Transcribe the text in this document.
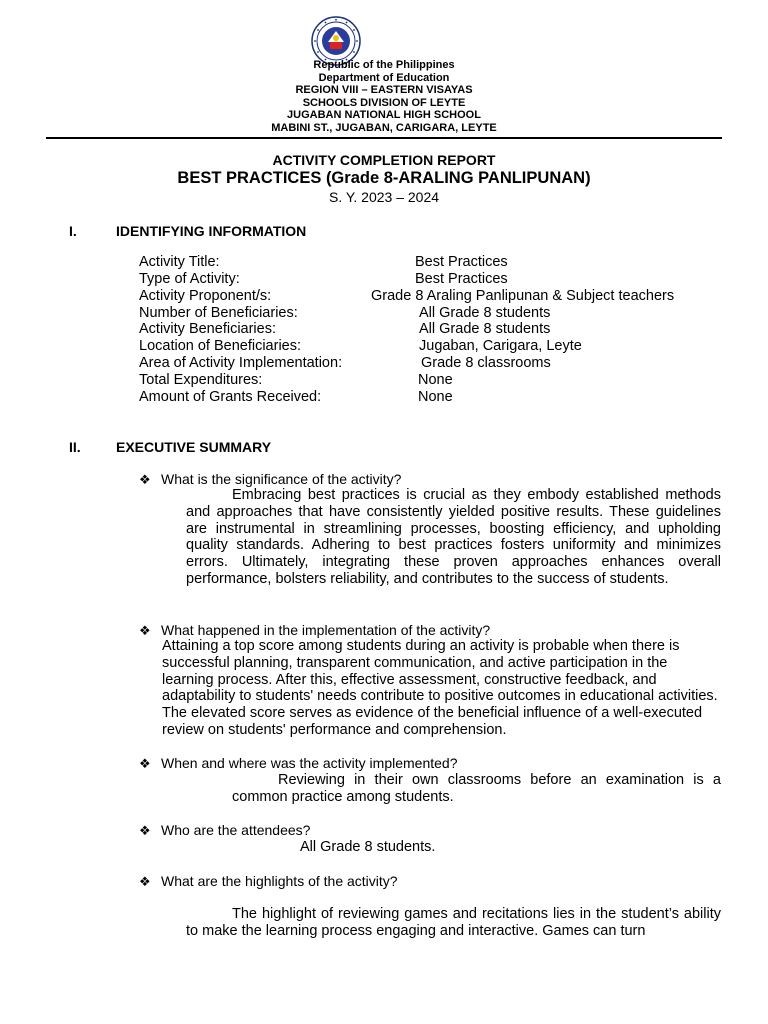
Republic of the Philippines
Department of Education
REGION VIII – EASTERN VISAYAS
SCHOOLS DIVISION OF LEYTE
JUGABAN NATIONAL HIGH SCHOOL
MABINI ST., JUGABAN, CARIGARA, LEYTE
ACTIVITY COMPLETION REPORT
BEST PRACTICES (Grade 8-ARALING PANLIPUNAN)
S. Y. 2023 – 2024
I.	IDENTIFYING INFORMATION
Activity Title:	Best Practices
Type of Activity:	Best Practices
Activity Proponent/s:	Grade 8 Araling Panlipunan & Subject teachers
Number of Beneficiaries:	All Grade 8 students
Activity Beneficiaries:	All Grade 8 students
Location of Beneficiaries:	Jugaban, Carigara, Leyte
Area of Activity Implementation:	Grade 8 classrooms
Total Expenditures:	None
Amount of Grants Received:	None
II.	EXECUTIVE SUMMARY
❖ What is the significance of the activity?
Embracing best practices is crucial as they embody established methods and approaches that have consistently yielded positive results. These guidelines are instrumental in streamlining processes, boosting efficiency, and upholding quality standards. Adhering to best practices fosters uniformity and minimizes errors. Ultimately, integrating these proven approaches enhances overall performance, bolsters reliability, and contributes to the success of students.
❖ What happened in the implementation of the activity?
Attaining a top score among students during an activity is probable when there is successful planning, transparent communication, and active participation in the learning process. After this, effective assessment, constructive feedback, and adaptability to students' needs contribute to positive outcomes in educational activities. The elevated score serves as evidence of the beneficial influence of a well-executed review on students' performance and comprehension.
❖ When and where was the activity implemented?
Reviewing in their own classrooms before an examination is a common practice among students.
❖ Who are the attendees?
All Grade 8 students.
❖ What are the highlights of the activity?
The highlight of reviewing games and recitations lies in the student’s ability to make the learning process engaging and interactive. Games can turn
